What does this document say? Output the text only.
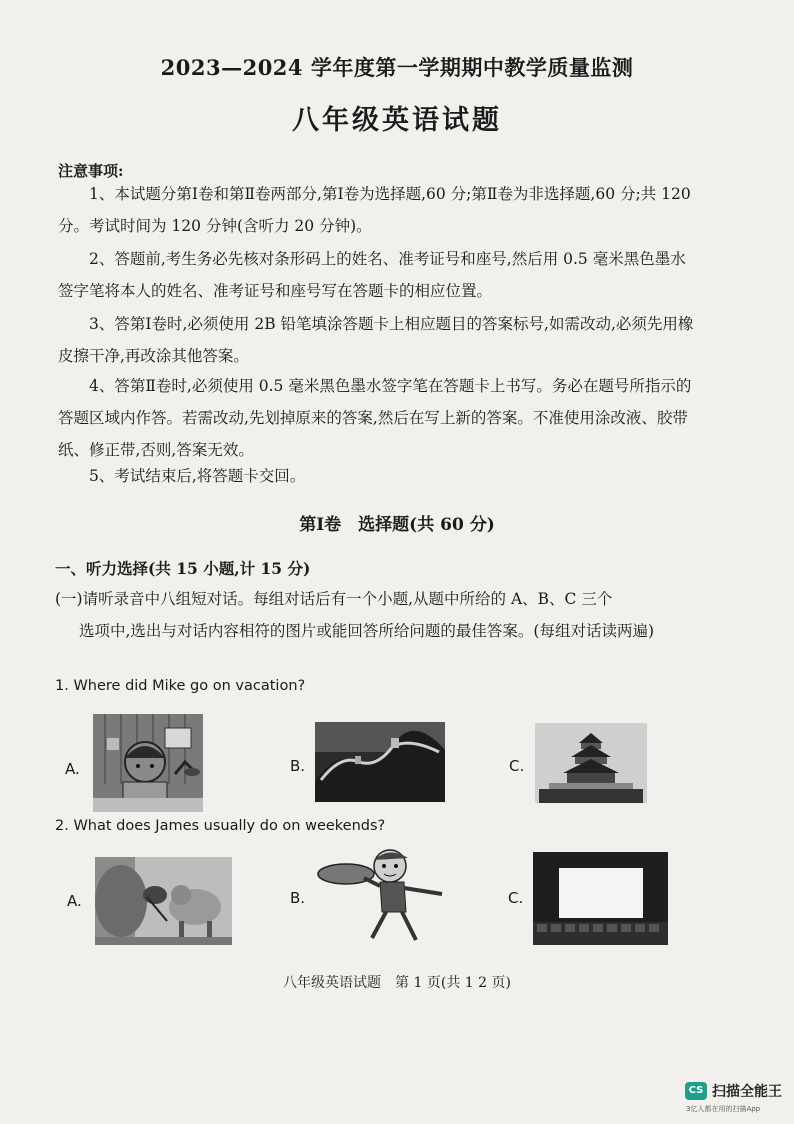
2023—2024 学年度第一学期期中教学质量监测
八年级英语试题
注意事项:
1、本试题分第Ⅰ卷和第Ⅱ卷两部分,第Ⅰ卷为选择题,60 分;第Ⅱ卷为非选择题,60 分;共 120 分。考试时间为 120 分钟(含听力 20 分钟)。
2、答题前,考生务必先核对条形码上的姓名、准考证号和座号,然后用 0.5 毫米黑色墨水签字笔将本人的姓名、准考证号和座号写在答题卡的相应位置。
3、答第Ⅰ卷时,必须使用 2B 铅笔填涂答题卡上相应题目的答案标号,如需改动,必须先用橡皮擦干净,再改涂其他答案。
4、答第Ⅱ卷时,必须使用 0.5 毫米黑色墨水签字笔在答题卡上书写。务必在题号所指示的答题区域内作答。若需改动,先划掉原来的答案,然后在写上新的答案。不准使用涂改液、胶带纸、修正带,否则,答案无效。
5、考试结束后,将答题卡交回。
第Ⅰ卷　选择题(共 60 分)
一、听力选择(共 15 小题,计 15 分)
(一)请听录音中八组短对话。每组对话后有一个小题,从题中所给的 A、B、C 三个
选项中,选出与对话内容相符的图片或能回答所给问题的最佳答案。(每组对话读两遍)
1. Where did Mike go on vacation?
A.	B.	C.
2. What does James usually do on weekends?
A.	B.	C.
八年级英语试题　第 1 页(共 1 2 页)
CS 扫描全能王
3亿人都在用的扫描App
